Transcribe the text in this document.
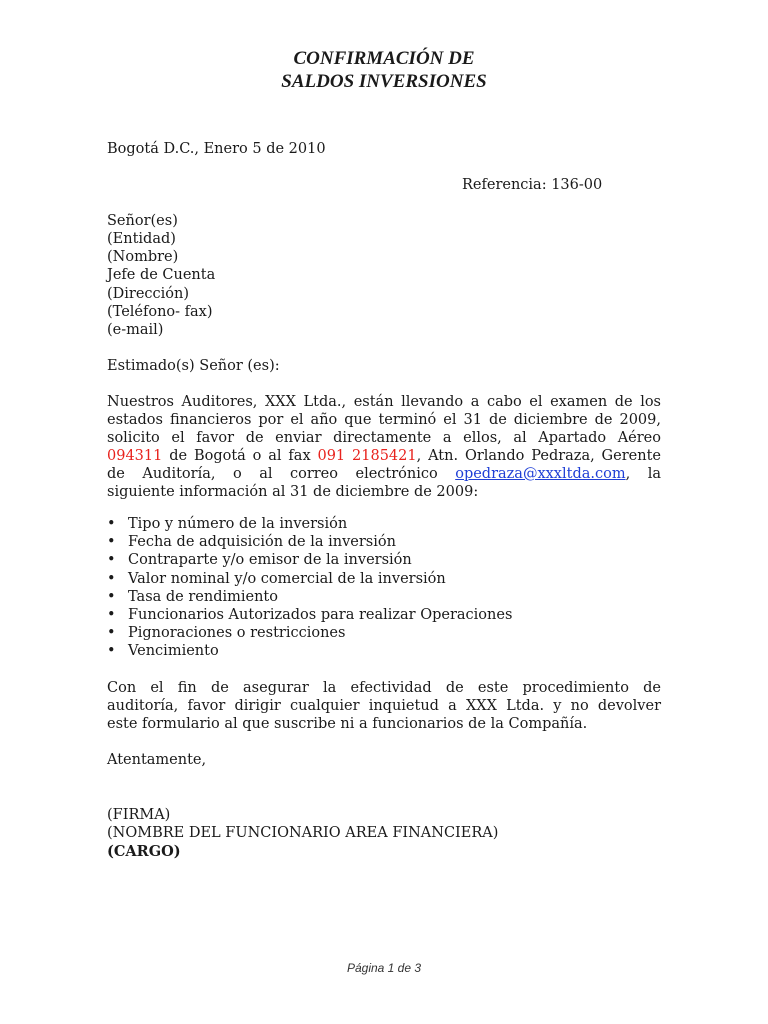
CONFIRMACIÓN DE
SALDOS INVERSIONES
Bogotá D.C., Enero 5 de 2010
Referencia: 136-00
Señor(es)
(Entidad)
(Nombre)
Jefe de Cuenta
(Dirección)
(Teléfono- fax)
(e-mail)
Estimado(s) Señor (es):
Nuestros Auditores, XXX Ltda., están llevando a cabo el examen de los
estados financieros por el año que terminó el 31 de diciembre de 2009,
solicito el favor de enviar directamente a ellos, al Apartado Aéreo
094311 de Bogotá o al fax 091 2185421, Atn. Orlando Pedraza, Gerente
de Auditoría, o al correo electrónico opedraza@xxxltda.com, la
siguiente información al 31 de diciembre de 2009:
• Tipo y número de la inversión
• Fecha de adquisición de la inversión
• Contraparte y/o emisor de la inversión
• Valor nominal y/o comercial de la inversión
• Tasa de rendimiento
• Funcionarios Autorizados para realizar Operaciones
• Pignoraciones o restricciones
• Vencimiento
Con el fin de asegurar la efectividad de este procedimiento de
auditoría, favor dirigir cualquier inquietud a XXX Ltda. y no devolver
este formulario al que suscribe ni a funcionarios de la Compañía.
Atentamente,
(FIRMA)
(NOMBRE DEL FUNCIONARIO AREA FINANCIERA)
(CARGO)
Página 1 de 3
